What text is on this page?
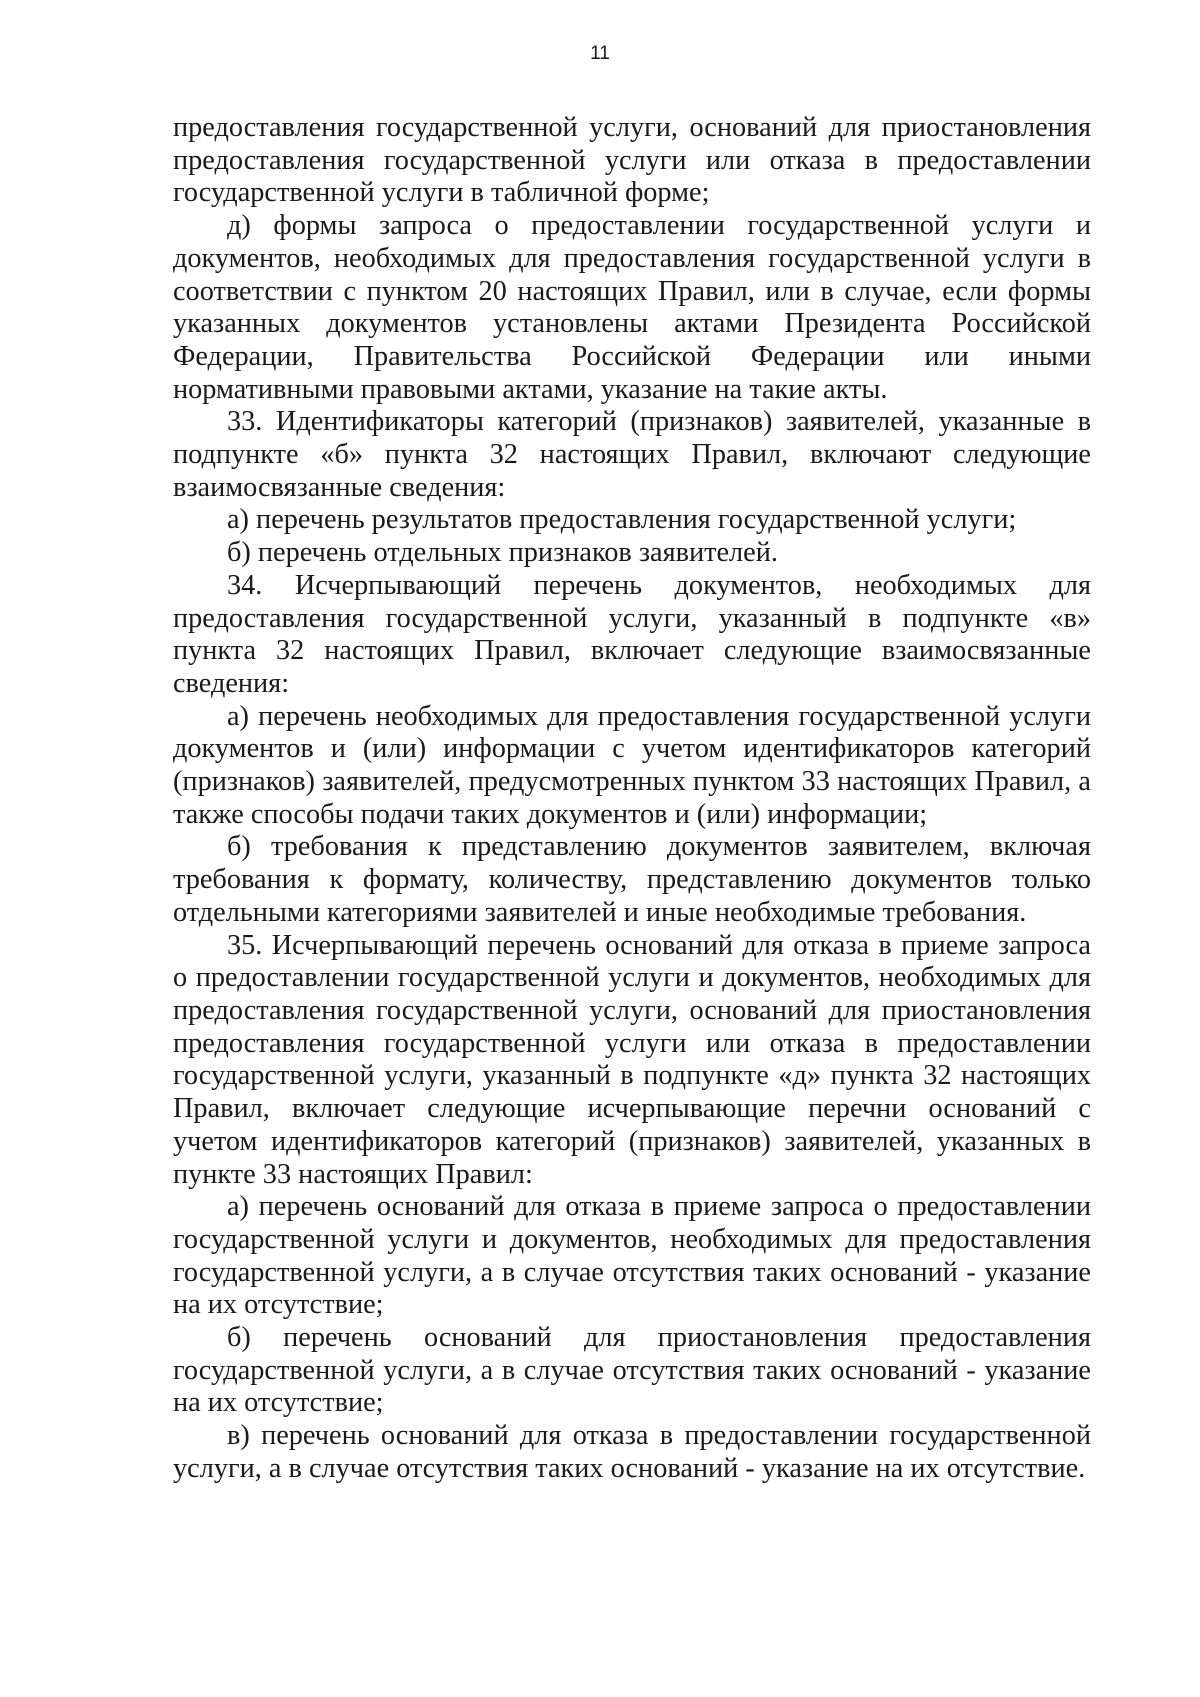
11

предоставления государственной услуги, оснований для приостановления предоставления государственной услуги или отказа в предоставлении государственной услуги в табличной форме;

д) формы запроса о предоставлении государственной услуги и документов, необходимых для предоставления государственной услуги в соответствии с пунктом 20 настоящих Правил, или в случае, если формы указанных документов установлены актами Президента Российской Федерации, Правительства Российской Федерации или иными нормативными правовыми актами, указание на такие акты.

33. Идентификаторы категорий (признаков) заявителей, указанные в подпункте «б» пункта 32 настоящих Правил, включают следующие взаимосвязанные сведения:

а) перечень результатов предоставления государственной услуги;

б) перечень отдельных признаков заявителей.

34. Исчерпывающий перечень документов, необходимых для предоставления государственной услуги, указанный в подпункте «в» пункта 32 настоящих Правил, включает следующие взаимосвязанные сведения:

а) перечень необходимых для предоставления государственной услуги документов и (или) информации с учетом идентификаторов категорий (признаков) заявителей, предусмотренных пунктом 33 настоящих Правил, а также способы подачи таких документов и (или) информации;

б) требования к представлению документов заявителем, включая требования к формату, количеству, представлению документов только отдельными категориями заявителей и иные необходимые требования.

35. Исчерпывающий перечень оснований для отказа в приеме запроса о предоставлении государственной услуги и документов, необходимых для предоставления государственной услуги, оснований для приостановления предоставления государственной услуги или отказа в предоставлении государственной услуги, указанный в подпункте «д» пункта 32 настоящих Правил, включает следующие исчерпывающие перечни оснований с учетом идентификаторов категорий (признаков) заявителей, указанных в пункте 33 настоящих Правил:

а) перечень оснований для отказа в приеме запроса о предоставлении государственной услуги и документов, необходимых для предоставления государственной услуги, а в случае отсутствия таких оснований - указание на их отсутствие;

б) перечень оснований для приостановления предоставления государственной услуги, а в случае отсутствия таких оснований - указание на их отсутствие;

в) перечень оснований для отказа в предоставлении государственной услуги, а в случае отсутствия таких оснований - указание на их отсутствие.
